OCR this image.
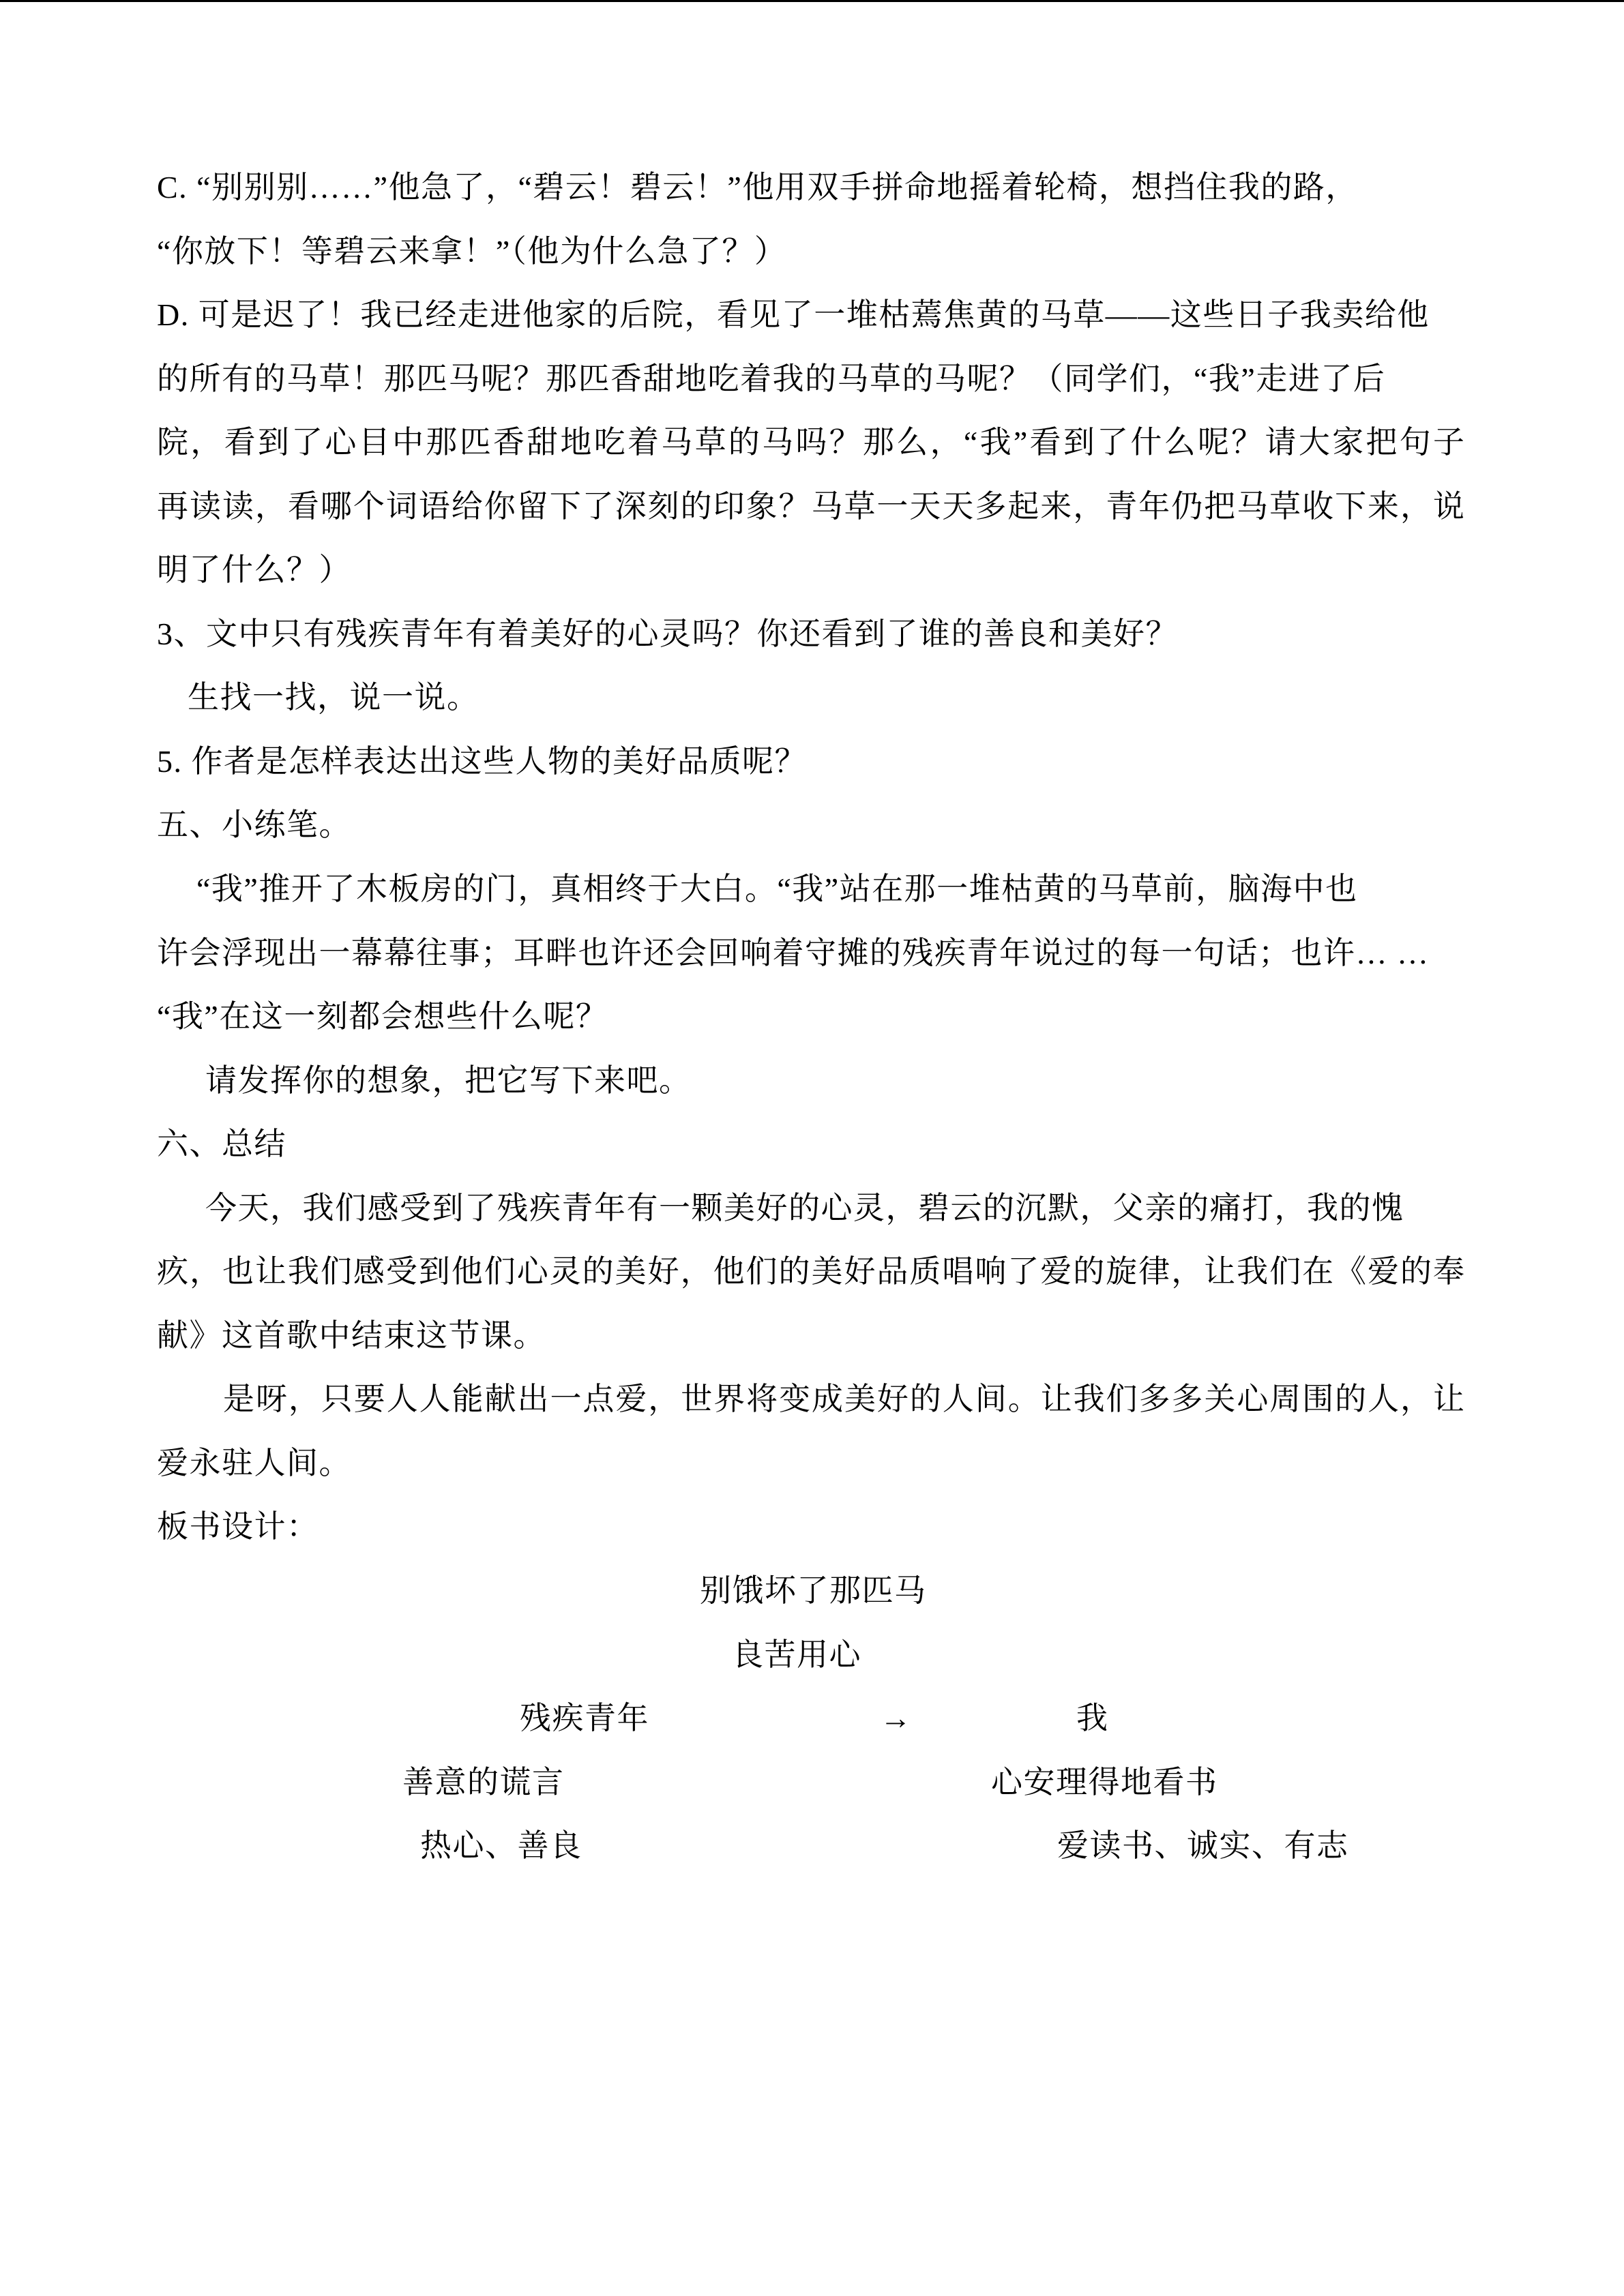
C. “别别别……”他急了，“碧云！碧云！”他用双手拼命地摇着轮椅，想挡住我的路，
“你放下！等碧云来拿！”（他为什么急了？）
D. 可是迟了！我已经走进他家的后院，看见了一堆枯蔫焦黄的马草——这些日子我卖给他
的所有的马草！那匹马呢？那匹香甜地吃着我的马草的马呢？（同学们，“我”走进了后
院，看到了心目中那匹香甜地吃着马草的马吗？那么，“我”看到了什么呢？请大家把句子
再读读，看哪个词语给你留下了深刻的印象？马草一天天多起来，青年仍把马草收下来，说
明了什么？）
3、文中只有残疾青年有着美好的心灵吗？你还看到了谁的善良和美好？
生找一找，说一说。
5. 作者是怎样表达出这些人物的美好品质呢？
五、小练笔。
“我”推开了木板房的门，真相终于大白。“我”站在那一堆枯黄的马草前，脑海中也
许会浮现出一幕幕往事；耳畔也许还会回响着守摊的残疾青年说过的每一句话；也许… …
“我”在这一刻都会想些什么呢？
请发挥你的想象，把它写下来吧。
六、总结
今天，我们感受到了残疾青年有一颗美好的心灵，碧云的沉默，父亲的痛打，我的愧
疚，也让我们感受到他们心灵的美好，他们的美好品质唱响了爱的旋律，让我们在《爱的奉
献》这首歌中结束这节课。
是呀，只要人人能献出一点爱，世界将变成美好的人间。让我们多多关心周围的人，让
爱永驻人间。
板书设计：
别饿坏了那匹马
良苦用心
残疾青年	→	我
善意的谎言	心安理得地看书
热心、善良	爱读书、诚实、有志
